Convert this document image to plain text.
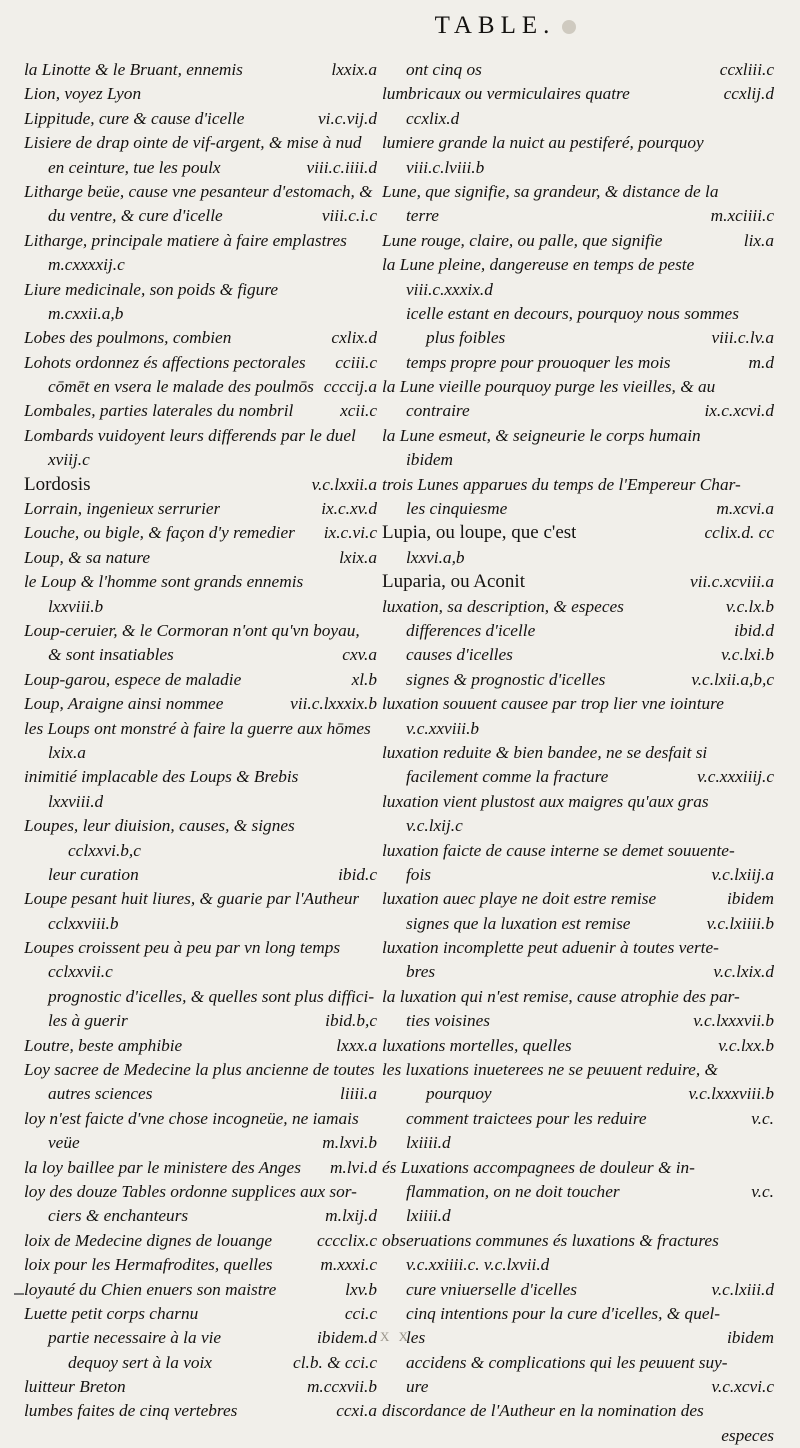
TABLE.
la Linotte & le Bruant, ennemis	lxxix.a
Lion, voyez Lyon
Lippitude, cure & cause d'icelle	vi.c.vij.d
Lisiere de drap ointe de vif-argent, & mise à nud
en ceinture, tue les poulx	viii.c.iiii.d
Litharge beüe, cause vne pesanteur d'estomach, &
du ventre, & cure d'icelle	viii.c.i.c
Litharge, principale matiere à faire emplastres
m.cxxxxij.c
Liure medicinale, son poids & figure
m.cxxii.a,b
Lobes des poulmons, combien	cxlix.d
Lohots ordonnez és affections pectorales cciii.c
cōmēt en vsera le malade des poulmōs ccccij.a
Lombales, parties laterales du nombril	xcii.c
Lombards vuidoyent leurs differends par le duel
xviij.c
Lordosis	v.c.lxxii.a
Lorrain, ingenieux serrurier	ix.c.xv.d
Louche, ou bigle, & façon d'y remedier ix.c.vi.c
Loup, & sa nature	lxix.a
le Loup & l'homme sont grands ennemis
lxxviii.b
Loup-ceruier, & le Cormoran n'ont qu'vn boyau,
& sont insatiables	cxv.a
Loup-garou, espece de maladie	xl.b
Loup, Araigne ainsi nommee	vii.c.lxxxix.b
les Loups ont monstré à faire la guerre aux hōmes
lxix.a
inimitié implacable des Loups & Brebis
lxxviii.d
Loupes, leur diuision, causes, & signes
cclxxvi.b,c
leur curation	ibid.c
Loupe pesant huit liures, & guarie par l'Autheur
cclxxviii.b
Loupes croissent peu à peu par vn long temps
cclxxvii.c
prognostic d'icelles, & quelles sont plus diffici-
les à guerir	ibid.b,c
Loutre, beste amphibie	lxxx.a
Loy sacree de Medecine la plus ancienne de toutes
autres sciences	liiii.a
loy n'est faicte d'vne chose incogneüe, ne iamais
veüe	m.lxvi.b
la loy baillee par le ministere des Anges m.lvi.d
loy des douze Tables ordonne supplices aux sor-
ciers & enchanteurs	m.lxij.d
loix de Medecine dignes de louange	cccclix.c
loix pour les Hermafrodites, quelles	m.xxxi.c
loyauté du Chien enuers son maistre	lxv.b
Luette petit corps charnu	cci.c
partie necessaire à la vie	ibidem.d
dequoy sert à la voix	cl.b. & cci.c
luitteur Breton	m.ccxvii.b
lumbes faites de cinq vertebres	ccxi.a
ont cinq os	ccxliii.c
lumbricaux ou vermiculaires quatre	ccxlij.d
ccxlix.d
lumiere grande la nuict au pestiferé, pourquoy
viii.c.lviii.b
Lune, que signifie, sa grandeur, & distance de la
terre	m.xciiii.c
Lune rouge, claire, ou palle, que signifie	lix.a
la Lune pleine, dangereuse en temps de peste
viii.c.xxxix.d
icelle estant en decours, pourquoy nous sommes
plus foibles	viii.c.lv.a
temps propre pour prouoquer les mois	m.d
la Lune vieille pourquoy purge les vieilles, & au
contraire	ix.c.xcvi.d
la Lune esmeut, & seigneurie le corps humain
ibidem
trois Lunes apparues du temps de l'Empereur Char-
les cinquiesme	m.xcvi.a
Lupia, ou loupe, que c'est	cclix.d. cc
lxxvi.a,b
Luparia, ou Aconit	vii.c.xcviii.a
luxation, sa description, & especes	v.c.lx.b
differences d'icelle	ibid.d
causes d'icelles	v.c.lxi.b
signes & prognostic d'icelles	v.c.lxii.a,b,c
luxation souuent causee par trop lier vne iointure
v.c.xxviii.b
luxation reduite & bien bandee, ne se desfait si
facilement comme la fracture	v.c.xxxiiij.c
luxation vient plustost aux maigres qu'aux gras
v.c.lxij.c
luxation faicte de cause interne se demet souuente-
fois	v.c.lxiij.a
luxation auec playe ne doit estre remise	ibidem
signes que la luxation est remise	v.c.lxiiii.b
luxation incomplette peut aduenir à toutes verte-
bres	v.c.lxix.d
la luxation qui n'est remise, cause atrophie des par-
ties voisines	v.c.lxxxvii.b
luxations mortelles, quelles	v.c.lxx.b
les luxations inueterees ne se peuuent reduire, &
pourquoy	v.c.lxxxviii.b
comment traictees pour les reduire	v.c.
lxiiii.d
és Luxations accompagnees de douleur & in-
flammation, on ne doit toucher	v.c.
lxiiii.d
obseruations communes és luxations & fractures
v.c.xxiiii.c. v.c.lxvii.d
cure vniuerselle d'icelles	v.c.lxiii.d
cinq intentions pour la cure d'icelles, & quel-
les	ibidem
accidens & complications qui les peuuent suy-
ure	v.c.xcvi.c
discordance de l'Autheur en la nomination des
especes
X X
